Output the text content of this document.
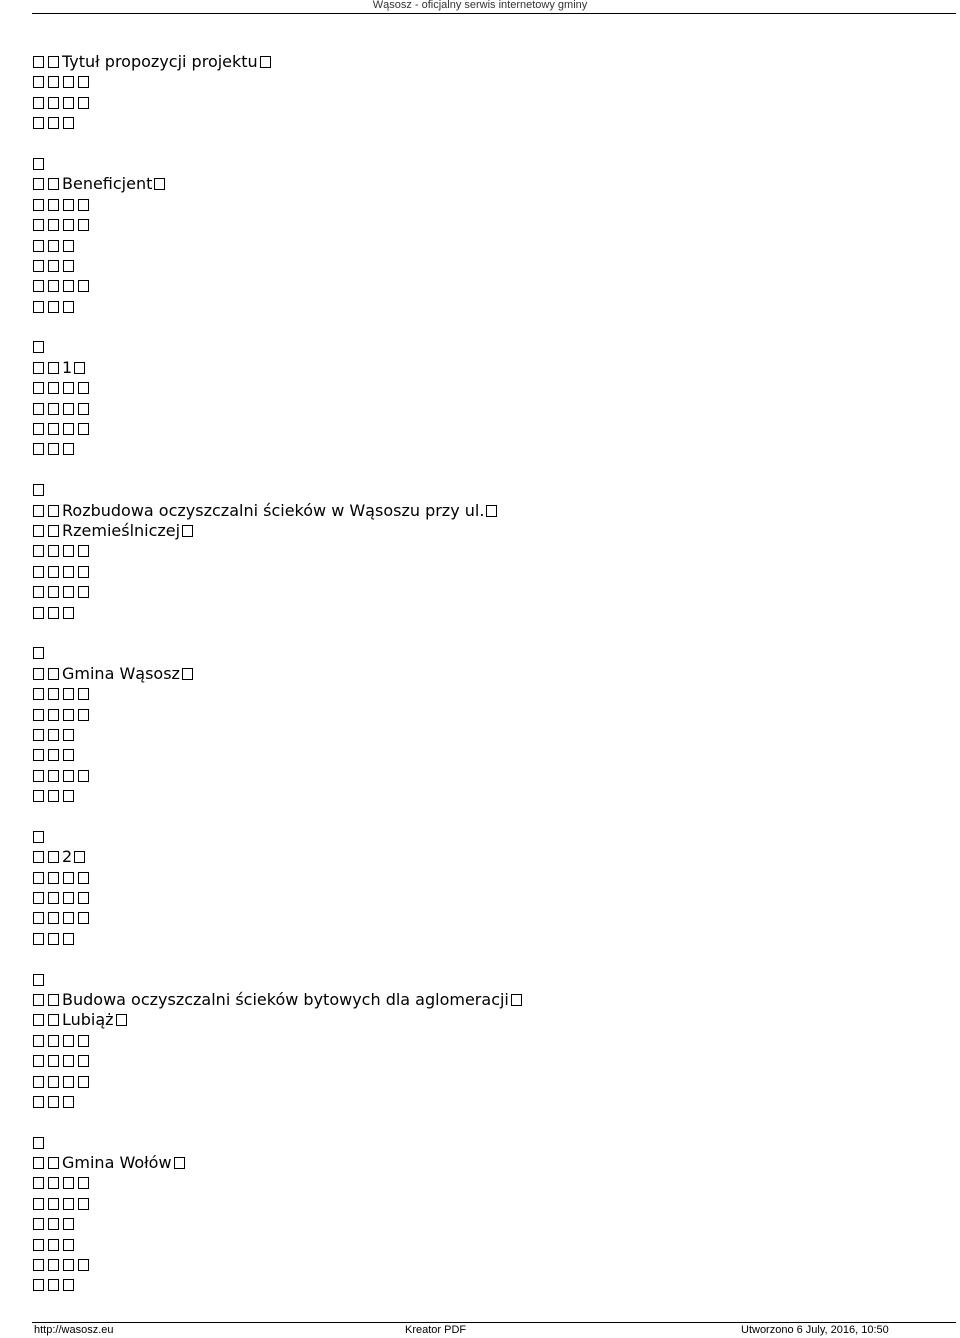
Wąsosz - oficjalny serwis internetowy gminy
Tytuł propozycji projektu
Beneficjent
1
Rozbudowa oczyszczalni ścieków w Wąsoszu przy ul.
Rzemieślniczej
Gmina Wąsosz
2
Budowa oczyszczalni ścieków bytowych dla aglomeracji
Lubiąż
Gmina Wołów
http://wasosz.eu	Kreator PDF	Utworzono 6 July, 2016, 10:50
